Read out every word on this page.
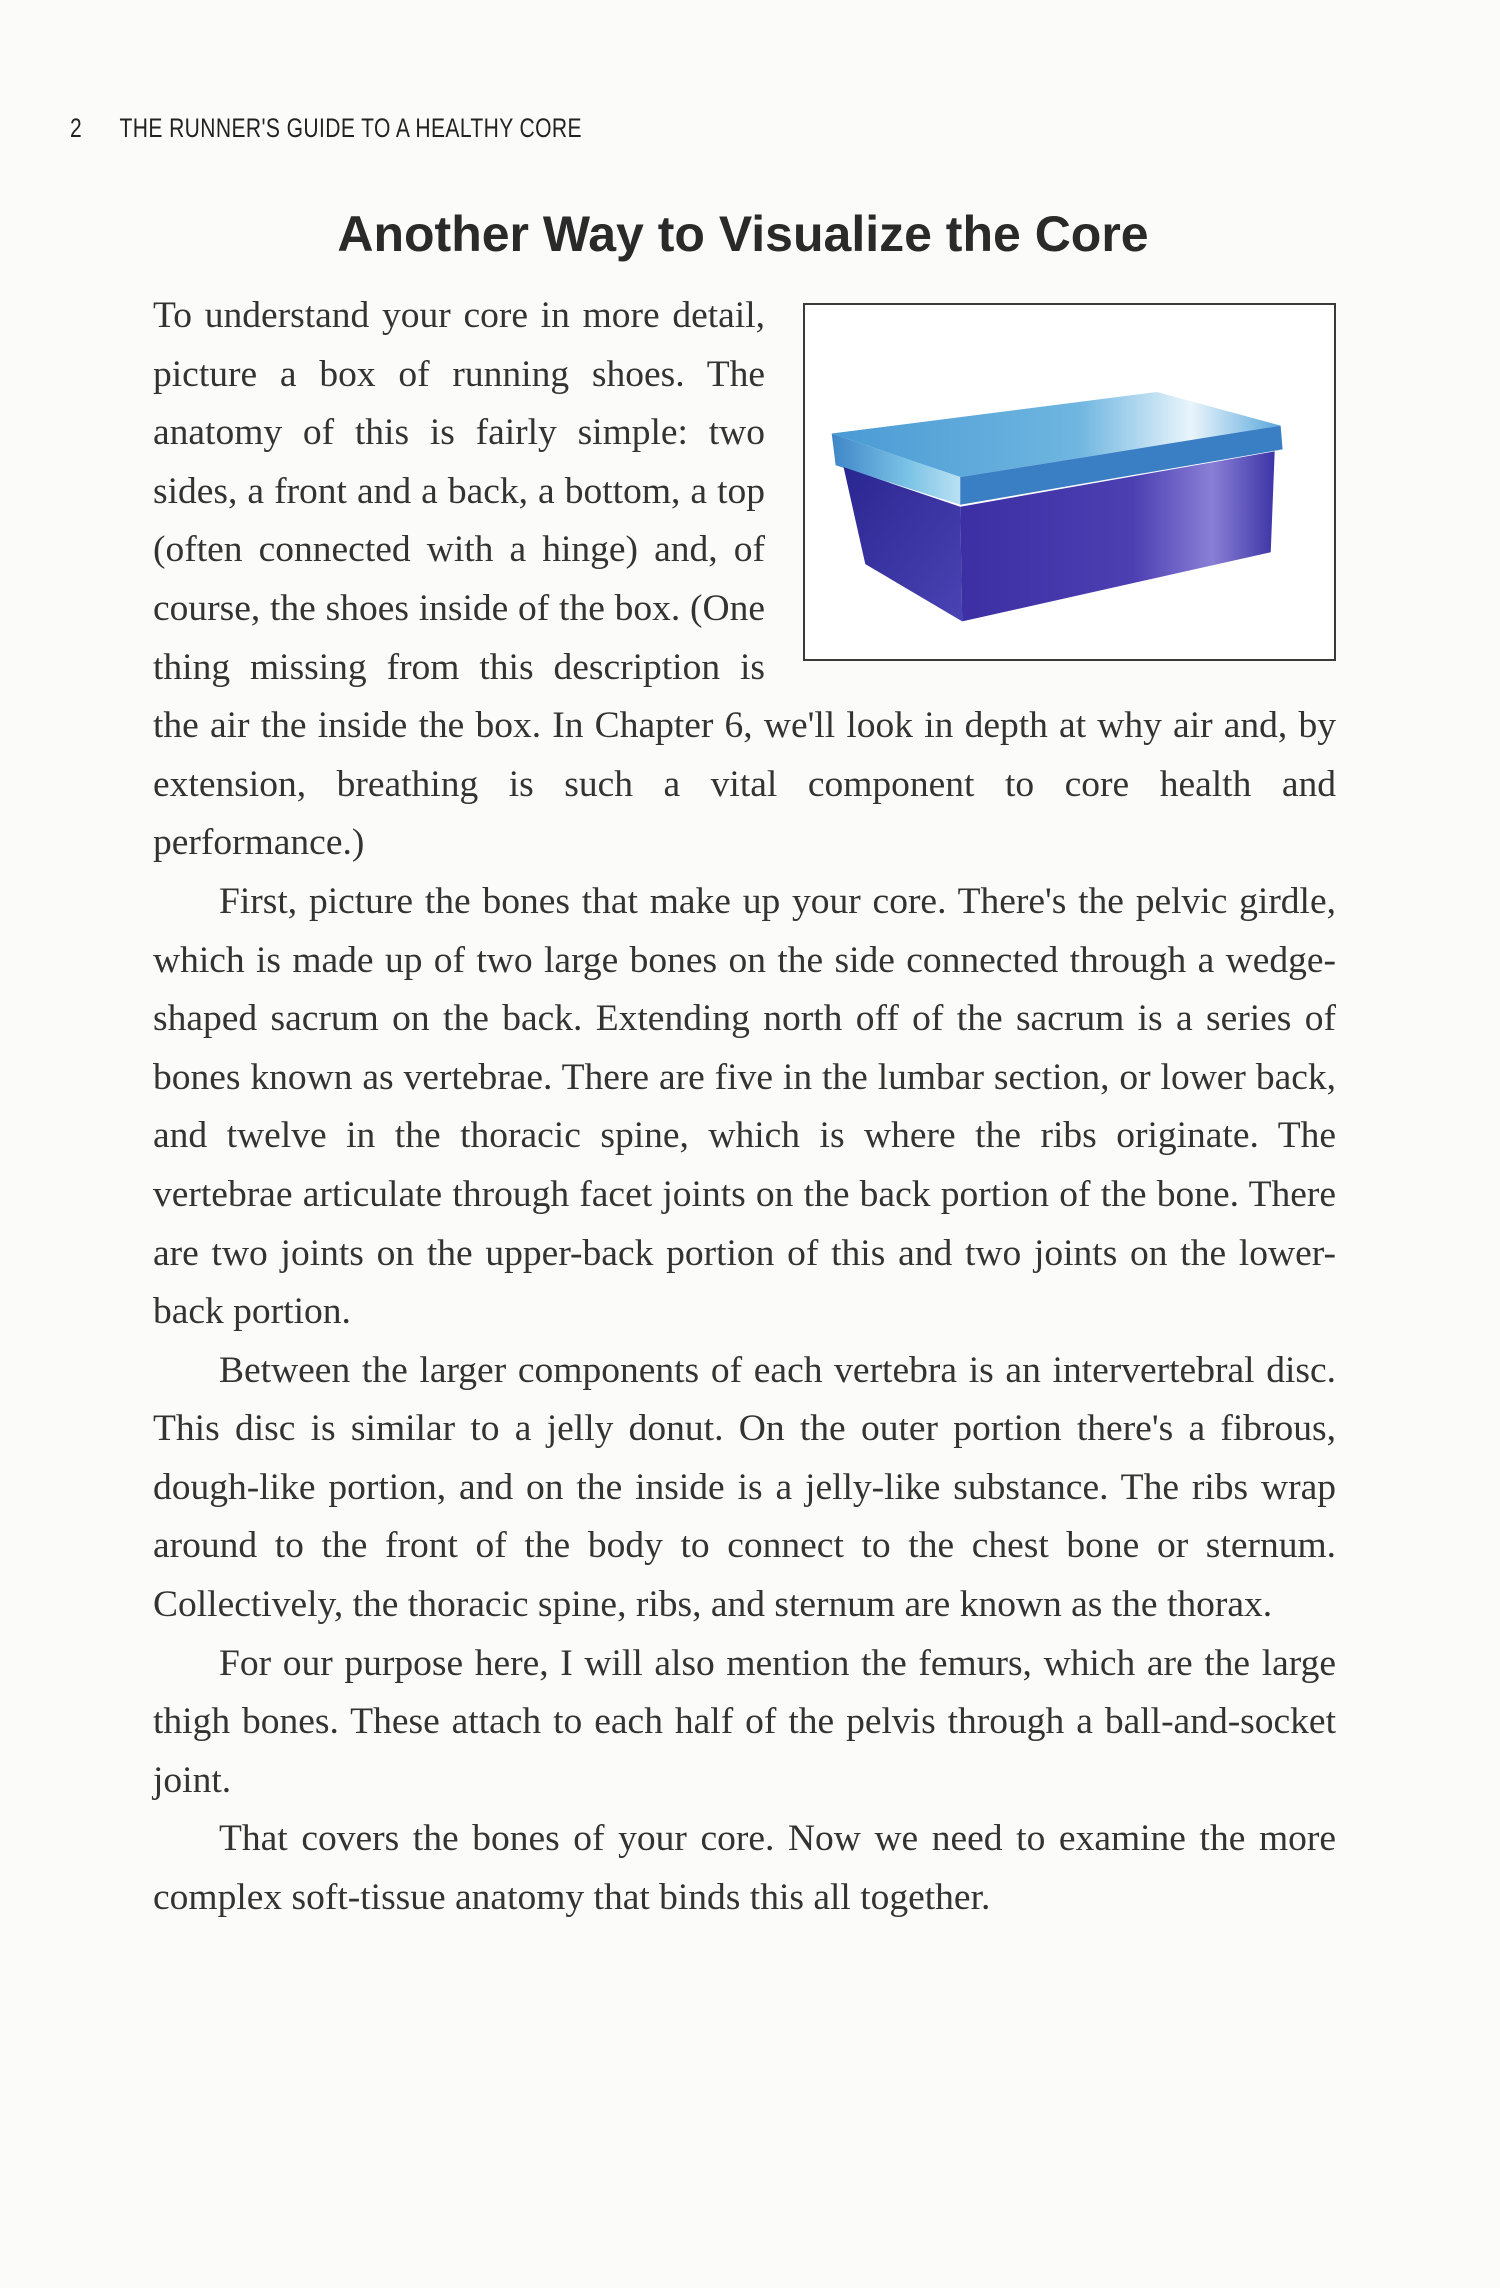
2 THE RUNNER'S GUIDE TO A HEALTHY CORE
Another Way to Visualize the Core

To understand your core in more detail, picture a box of running shoes. The anatomy of this is fairly simple: two sides, a front and a back, a bottom, a top (often connected with a hinge) and, of course, the shoes inside of the box. (One thing missing from this description is the air the inside the box. In Chapter 6, we'll look in depth at why air and, by extension, breathing is such a vital component to core health and performance.)

First, picture the bones that make up your core. There's the pelvic girdle, which is made up of two large bones on the side connected through a wedge-shaped sacrum on the back. Extending north off of the sacrum is a series of bones known as vertebrae. There are five in the lumbar section, or lower back, and twelve in the thoracic spine, which is where the ribs originate. The vertebrae articulate through facet joints on the back portion of the bone. There are two joints on the upper-back portion of this and two joints on the lower-back portion.

Between the larger components of each vertebra is an intervertebral disc. This disc is similar to a jelly donut. On the outer portion there's a fibrous, dough-like portion, and on the inside is a jelly-like substance. The ribs wrap around to the front of the body to connect to the chest bone or sternum. Collectively, the thoracic spine, ribs, and sternum are known as the thorax.

For our purpose here, I will also mention the femurs, which are the large thigh bones. These attach to each half of the pelvis through a ball-and-socket joint.

That covers the bones of your core. Now we need to examine the more complex soft-tissue anatomy that binds this all together.
